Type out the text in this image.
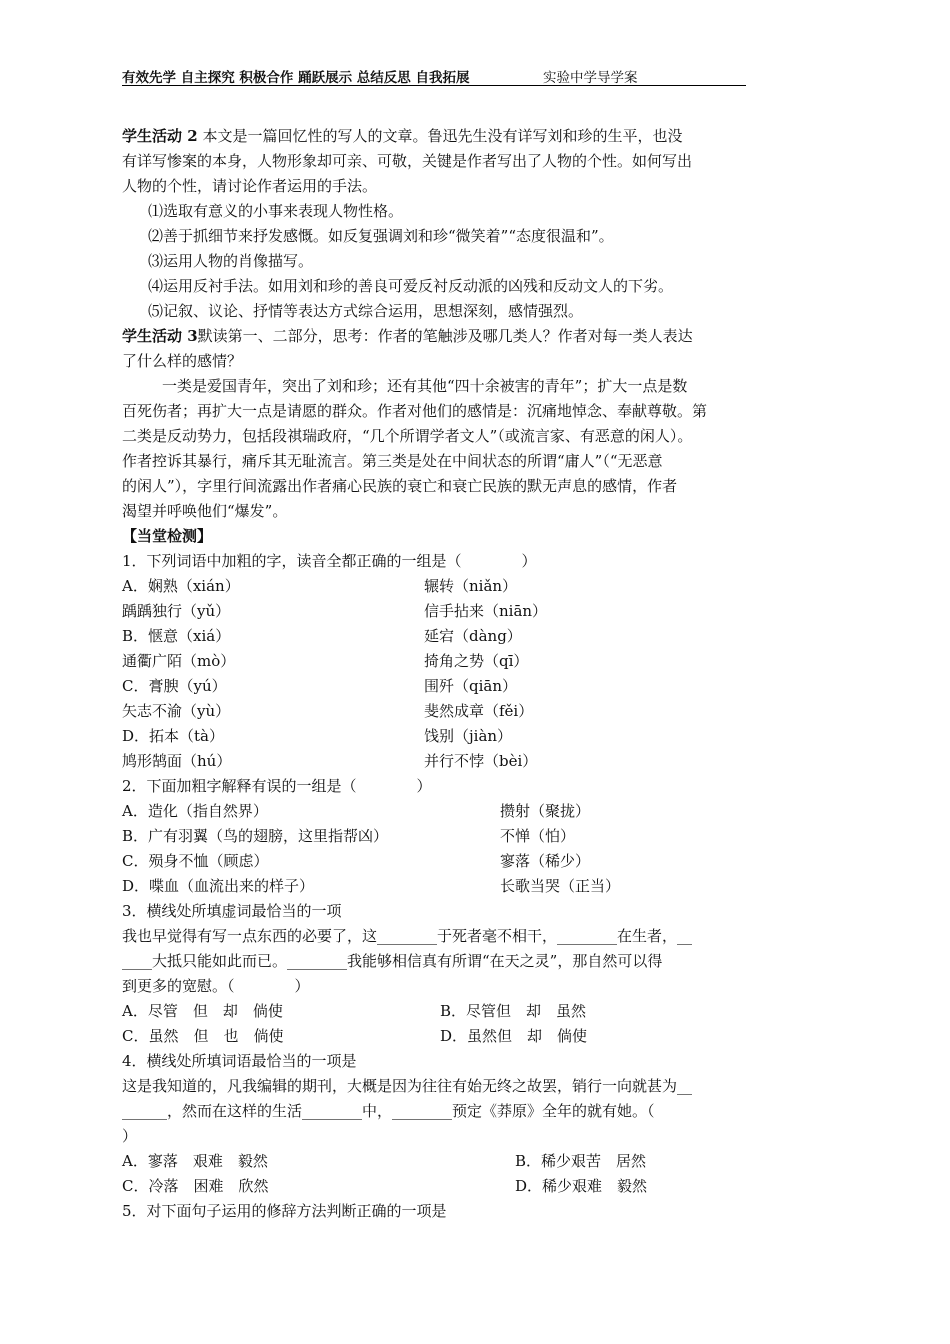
有效先学 自主探究 积极合作 踊跃展示 总结反思 自我拓展	实验中学导学案
学生活动 2 本文是一篇回忆性的写人的文章。鲁迅先生没有详写刘和珍的生平，也没
有详写惨案的本身，人物形象却可亲、可敬，关键是作者写出了人物的个性。如何写出
人物的个性，请讨论作者运用的手法。
⑴选取有意义的小事来表现人物性格。
⑵善于抓细节来抒发感慨。如反复强调刘和珍“微笑着”“态度很温和”。
⑶运用人物的肖像描写。
⑷运用反衬手法。如用刘和珍的善良可爱反衬反动派的凶残和反动文人的下劣。
⑸记叙、议论、抒情等表达方式综合运用，思想深刻，感情强烈。
学生活动 3默读第一、二部分，思考：作者的笔触涉及哪几类人？作者对每一类人表达
了什么样的感情？
一类是爱国青年，突出了刘和珍；还有其他“四十余被害的青年”；扩大一点是数
百死伤者；再扩大一点是请愿的群众。作者对他们的感情是：沉痛地悼念、奉献尊敬。第
二类是反动势力，包括段祺瑞政府，“几个所谓学者文人”（或流言家、有恶意的闲人）。
作者控诉其暴行，痛斥其无耻流言。第三类是处在中间状态的所谓“庸人”（“无恶意
的闲人”），字里行间流露出作者痛心民族的衰亡和衰亡民族的默无声息的感情，作者
渴望并呼唤他们“爆发”。
【当堂检测】
1．下列词语中加粗的字，读音全都正确的一组是（　　　　）
A．娴熟（xián）	辗转（niǎn）
踽踽独行（yǔ）	信手拈来（niān）
B．惬意（xiá）	延宕（dàng）
通衢广陌（mò）	掎角之势（qī）
C．膏腴（yú）	围歼（qiān）
矢志不渝（yù）	斐然成章（fěi）
D．拓本（tà）	饯别（jiàn）
鸠形鹄面（hú）	并行不悖（bèi）
2．下面加粗字解释有误的一组是（　　　　）
A．造化（指自然界）	攒射（聚拢）
B．广有羽翼（鸟的翅膀，这里指帮凶）	不惮（怕）
C．殒身不恤（顾虑）	寥落（稀少）
D．喋血（血流出来的样子）	长歌当哭（正当）
3．横线处所填虚词最恰当的一项
我也早觉得有写一点东西的必要了，这________于死者毫不相干，________在生者，__
____大抵只能如此而已。________我能够相信真有所谓“在天之灵”，那自然可以得
到更多的宽慰。（　　　　）
A．尽管　但　却　倘使	B．尽管但　却　虽然
C．虽然　但　也　倘使	D．虽然但　却　倘使
4．横线处所填词语最恰当的一项是
这是我知道的，凡我编辑的期刊，大概是因为往往有始无终之故罢，销行一向就甚为__
______，然而在这样的生活________中，________预定《莽原》全年的就有她。（
）
A．寥落　艰难　毅然	B．稀少艰苦　居然
C．冷落　困难　欣然	D．稀少艰难　毅然
5．对下面句子运用的修辞方法判断正确的一项是
